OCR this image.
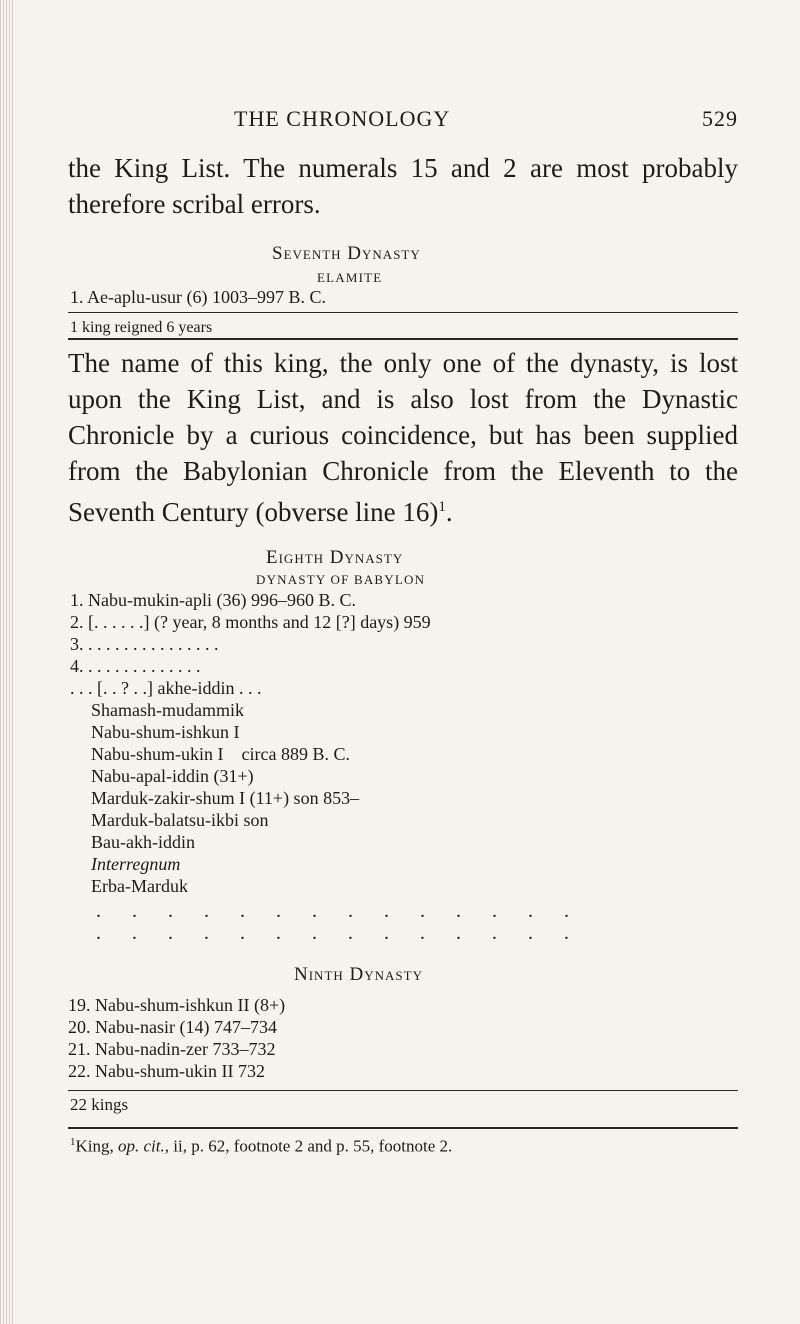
THE CHRONOLOGY	529
the King List. The numerals 15 and 2 are most probably therefore scribal errors.
Seventh Dynasty
ELAMITE
1. Ae-aplu-usur (6) 1003–997 B. C.
1 king reigned 6 years
The name of this king, the only one of the dynasty, is lost upon the King List, and is also lost from the Dynastic Chronicle by a curious coincidence, but has been supplied from the Babylonian Chronicle from the Eleventh to the Seventh Century (obverse line 16)$^1$.
Eighth Dynasty
DYNASTY OF BABYLON
1. Nabu-mukin-apli (36) 996–960 B. C.
2. [. . . . . .] (? year, 8 months and 12 [?] days) 959
3. . . . . . . . . . . . . . . .
4. . . . . . . . . . . . . .
. . . [. . ? . .] akhe-iddin . . .
Shamash-mudammik
Nabu-shum-ishkun I
Nabu-shum-ukin I    circa 889 B. C.
Nabu-apal-iddin (31+)
Marduk-zakir-shum I (11+) son 853–
Marduk-balatsu-ikbi son
Bau-akh-iddin
Interregnum
Erba-Marduk
. . . . . . . . . . . . . .
. . . . . . . . . . . . . .
Ninth Dynasty
19. Nabu-shum-ishkun II (8+)
20. Nabu-nasir (14) 747–734
21. Nabu-nadin-zer 733–732
22. Nabu-shum-ukin II 732
22 kings
$^1$King, op. cit., ii, p. 62, footnote 2 and p. 55, footnote 2.
